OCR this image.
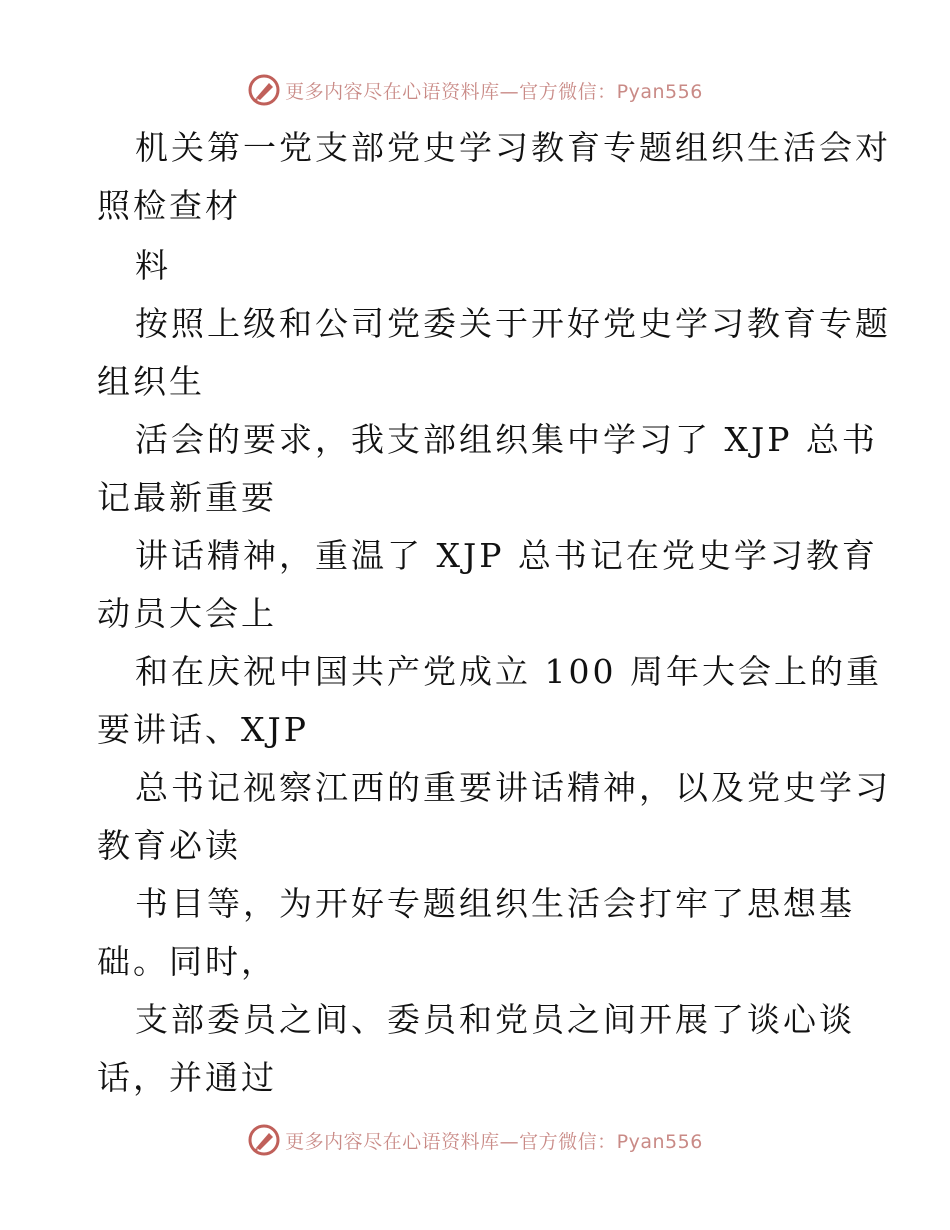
更多内容尽在心语资料库—官方微信：Pyan556
机关第一党支部党史学习教育专题组织生活会对
照检查材
料
按照上级和公司党委关于开好党史学习教育专题
组织生
活会的要求，我支部组织集中学习了 XJP 总书
记最新重要
讲话精神，重温了 XJP 总书记在党史学习教育
动员大会上
和在庆祝中国共产党成立 100 周年大会上的重
要讲话、XJP
总书记视察江西的重要讲话精神，以及党史学习
教育必读
书目等，为开好专题组织生活会打牢了思想基
础。同时，
支部委员之间、委员和党员之间开展了谈心谈
话，并通过
更多内容尽在心语资料库—官方微信：Pyan556
